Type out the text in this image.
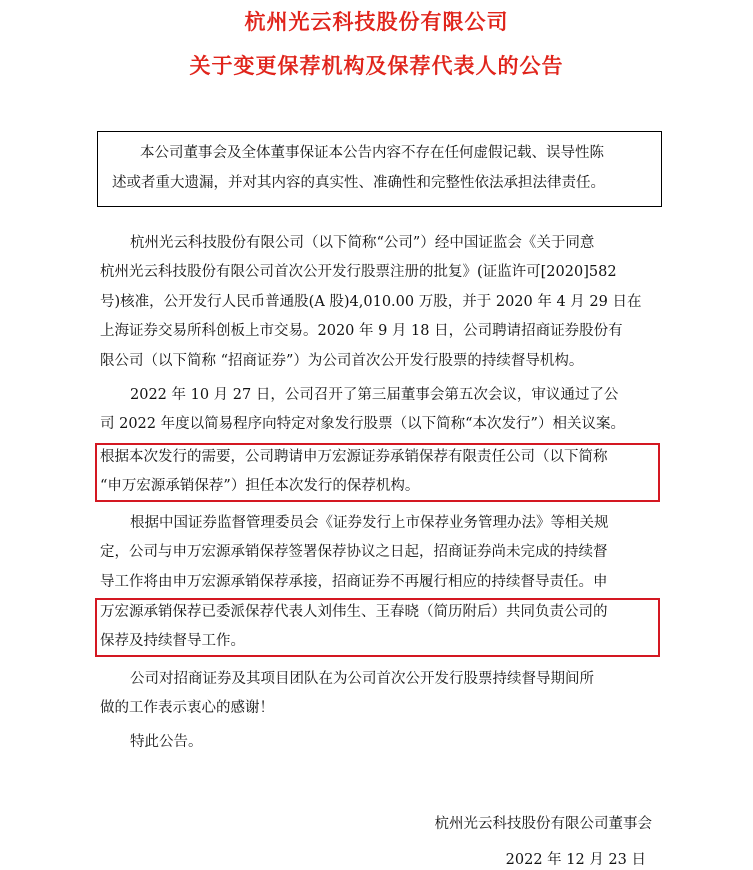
杭州光云科技股份有限公司
关于变更保荐机构及保荐代表人的公告

本公司董事会及全体董事保证本公告内容不存在任何虚假记载、误导性陈

述或者重大遗漏，并对其内容的真实性、准确性和完整性依法承担法律责任。

杭州光云科技股份有限公司（以下简称“公司”）经中国证监会《关于同意
杭州光云科技股份有限公司首次公开发行股票注册的批复》(证监许可[2020]582
号)核准，公开发行人民币普通股(A 股)4,010.00 万股，并于 2020 年 4 月 29 日在
上海证券交易所科创板上市交易。2020 年 9 月 18 日，公司聘请招商证券股份有
限公司（以下简称 “招商证券”）为公司首次公开发行股票的持续督导机构。
2022 年 10 月 27 日，公司召开了第三届董事会第五次会议，审议通过了公
司 2022 年度以简易程序向特定对象发行股票（以下简称“本次发行”）相关议案。
根据本次发行的需要，公司聘请申万宏源证券承销保荐有限责任公司（以下简称
“申万宏源承销保荐”）担任本次发行的保荐机构。
根据中国证券监督管理委员会《证券发行上市保荐业务管理办法》等相关规
定，公司与申万宏源承销保荐签署保荐协议之日起，招商证券尚未完成的持续督
导工作将由申万宏源承销保荐承接，招商证券不再履行相应的持续督导责任。申
万宏源承销保荐已委派保荐代表人刘伟生、王春晓（简历附后）共同负责公司的
保荐及持续督导工作。
公司对招商证券及其项目团队在为公司首次公开发行股票持续督导期间所
做的工作表示衷心的感谢！
特此公告。
杭州光云科技股份有限公司董事会
2022 年 12 月 23 日
